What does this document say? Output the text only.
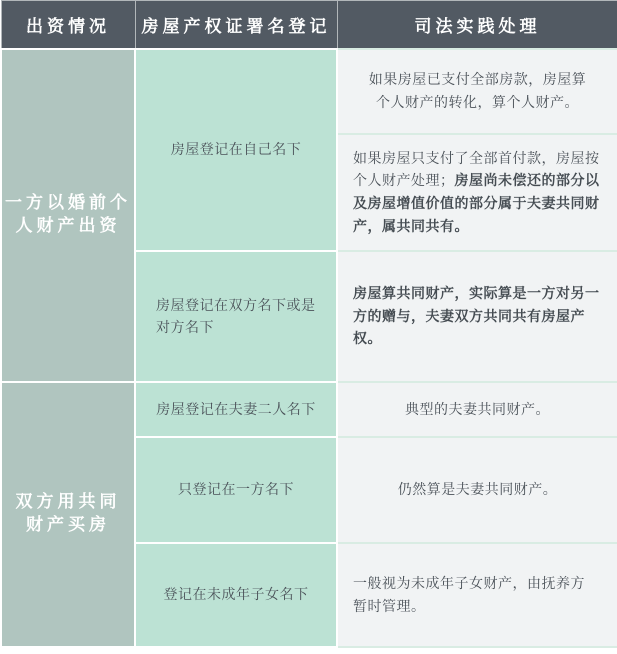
出资情况	房屋产权证署名登记	司法实践处理

一方以婚前个
人财产出资	房屋登记在自己名下	如果房屋已支付全部房款，房屋算
个人财产的转化，算个人财产。

		如果房屋只支付了全部首付款，房屋按个人财产处理；房屋尚未偿还的部分以及房屋增值价值的部分属于夫妻共同财产，属共同共有。

	房屋登记在双方名下或是
对方名下	房屋算共同财产，实际算是一方对另一方的赠与，夫妻双方共同共有房屋产权。

双方用共同
财产买房	房屋登记在夫妻二人名下	典型的夫妻共同财产。
	只登记在一方名下	仍然算是夫妻共同财产。
	登记在未成年子女名下	一般视为未成年子女财产，由抚养方
暂时管理。
